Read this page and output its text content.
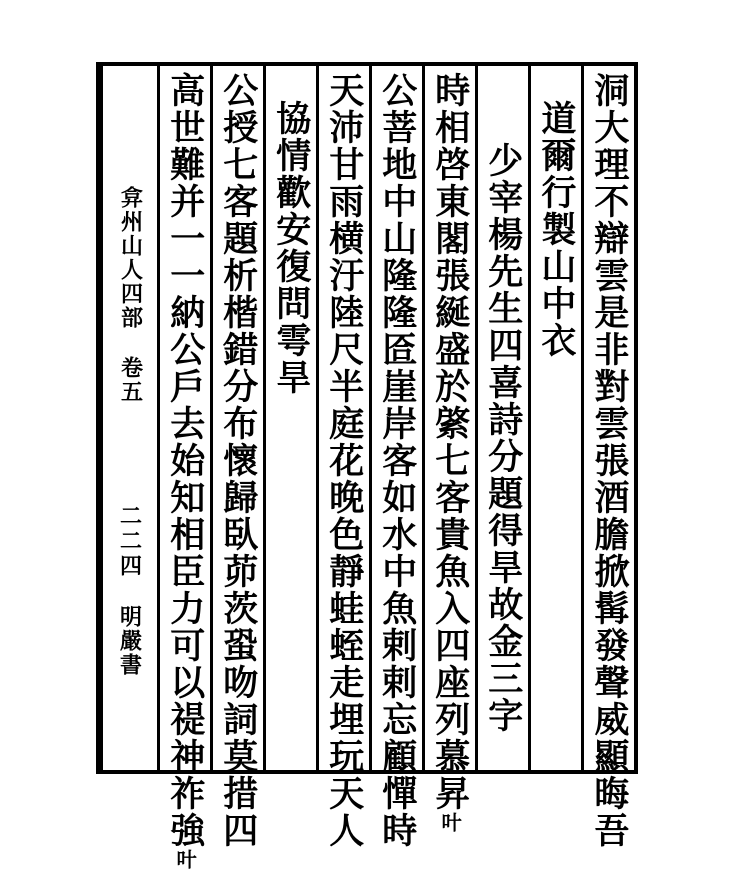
洞大理不辯雲是非對雲張酒膽掀髯發聲威顯晦吾
道爾行製山中衣
少宰楊先生四喜詩分題得旱故金三字
時相啓東閣張綖盛於綮七客貴魚入四座列慕昇
叶
公菩地中山隆隆匼崖岸客如水中魚剌剌忘顧憚時
天沛甘雨横汙陸尺半庭花晚色靜蛙蛭走埋玩天人
協情歡安復問雩旱
公授七客題析楷錯分布懷歸臥茆茨蛩吻詞莫措四
高世難并一一納公戶去始知相臣力可以禔神祚強
叶
弇州山人四部
卷五
二二四
明嚴書
